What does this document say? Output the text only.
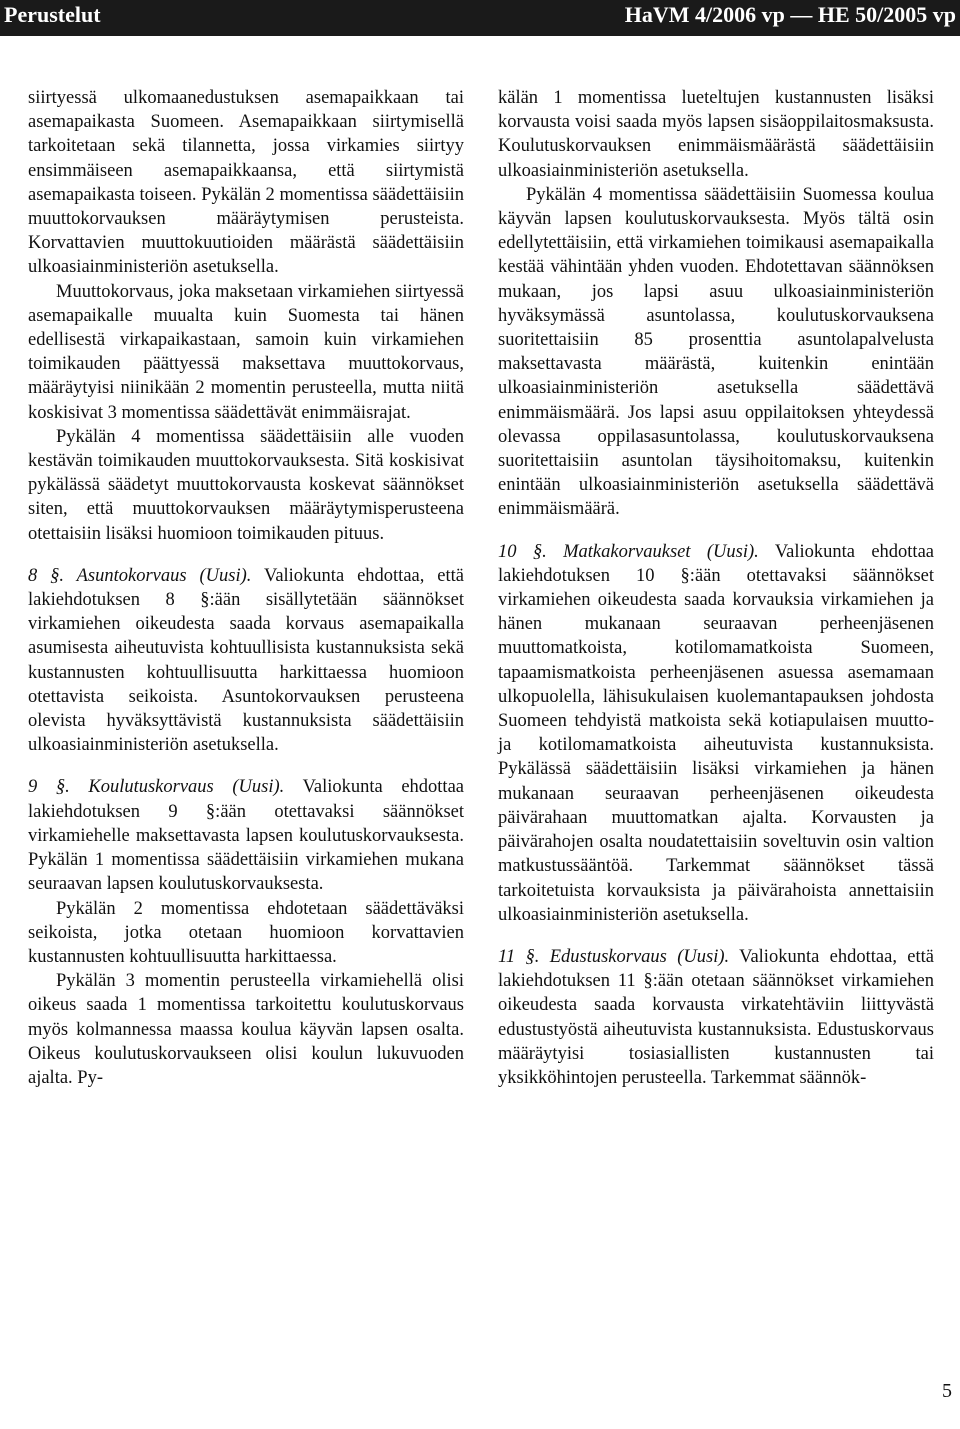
Perustelut	HaVM 4/2006 vp — HE 50/2005 vp

siirtyessä ulkomaanedustuksen asemapaikkaan tai asemapaikasta Suomeen. Asemapaikkaan siirtymisellä tarkoitetaan sekä tilannetta, jossa virkamies siirtyy ensimmäiseen asemapaikkaansa, että siirtymistä asemapaikasta toiseen. Pykälän 2 momentissa säädettäisiin muuttokorvauksen määräytymisen perusteista. Korvattavien muuttokuutioiden määrästä säädettäisiin ulkoasiainministeriön asetuksella.

Muuttokorvaus, joka maksetaan virkamiehen siirtyessä asemapaikalle muualta kuin Suomesta tai hänen edellisestä virkapaikastaan, samoin kuin virkamiehen toimikauden päättyessä maksettava muuttokorvaus, määräytyisi niinikään 2 momentin perusteella, mutta niitä koskisivat 3 momentissa säädettävät enimmäisrajat.

Pykälän 4 momentissa säädettäisiin alle vuoden kestävän toimikauden muuttokorvauksesta. Sitä koskisivat pykälässä säädetyt muuttokorvausta koskevat säännökset siten, että muuttokorvauksen määräytymisperusteena otettaisiin lisäksi huomioon toimikauden pituus.

8 §. Asuntokorvaus (Uusi). Valiokunta ehdottaa, että lakiehdotuksen 8 §:ään sisällytetään säännökset virkamiehen oikeudesta saada korvaus asemapaikalla asumisesta aiheutuvista kohtuullisista kustannuksista sekä kustannusten kohtuullisuutta harkittaessa huomioon otettavista seikoista. Asuntokorvauksen perusteena olevista hyväksyttävistä kustannuksista säädettäisiin ulkoasiainministeriön asetuksella.

9 §. Koulutuskorvaus (Uusi). Valiokunta ehdottaa lakiehdotuksen 9 §:ään otettavaksi säännökset virkamiehelle maksettavasta lapsen koulutuskorvauksesta. Pykälän 1 momentissa säädettäisiin virkamiehen mukana seuraavan lapsen koulutuskorvauksesta.

Pykälän 2 momentissa ehdotetaan säädettäväksi seikoista, jotka otetaan huomioon korvattavien kustannusten kohtuullisuutta harkittaessa.

Pykälän 3 momentin perusteella virkamiehellä olisi oikeus saada 1 momentissa tarkoitettu koulutuskorvaus myös kolmannessa maassa koulua käyvän lapsen osalta. Oikeus koulutuskorvaukseen olisi koulun lukuvuoden ajalta. Py-

kälän 1 momentissa lueteltujen kustannusten lisäksi korvausta voisi saada myös lapsen sisäoppilaitosmaksusta. Koulutuskorvauksen enimmäismäärästä säädettäisiin ulkoasiainministeriön asetuksella.

Pykälän 4 momentissa säädettäisiin Suomessa koulua käyvän lapsen koulutuskorvauksesta. Myös tältä osin edellytettäisiin, että virkamiehen toimikausi asemapaikalla kestää vähintään yhden vuoden. Ehdotettavan säännöksen mukaan, jos lapsi asuu ulkoasiainministeriön hyväksymässä asuntolassa, koulutuskorvauksena suoritettaisiin 85 prosenttia asuntolapalvelusta maksettavasta määrästä, kuitenkin enintään ulkoasiainministeriön asetuksella säädettävä enimmäismäärä. Jos lapsi asuu oppilaitoksen yhteydessä olevassa oppilasasuntolassa, koulutuskorvauksena suoritettaisiin asuntolan täysihoitomaksu, kuitenkin enintään ulkoasiainministeriön asetuksella säädettävä enimmäismäärä.

10 §. Matkakorvaukset (Uusi). Valiokunta ehdottaa lakiehdotuksen 10 §:ään otettavaksi säännökset virkamiehen oikeudesta saada korvauksia virkamiehen ja hänen mukanaan seuraavan perheenjäsenen muuttomatkoista, kotilomamatkoista Suomeen, tapaamismatkoista perheenjäsenen asuessa asemamaan ulkopuolella, lähisukulaisen kuolemantapauksen johdosta Suomeen tehdyistä matkoista sekä kotiapulaisen muutto- ja kotilomamatkoista aiheutuvista kustannuksista. Pykälässä säädettäisiin lisäksi virkamiehen ja hänen mukanaan seuraavan perheenjäsenen oikeudesta päivärahaan muuttomatkan ajalta. Korvausten ja päivärahojen osalta noudatettaisiin soveltuvin osin valtion matkustussääntöä. Tarkemmat säännökset tässä tarkoitetuista korvauksista ja päivärahoista annettaisiin ulkoasiainministeriön asetuksella.

11 §. Edustuskorvaus (Uusi). Valiokunta ehdottaa, että lakiehdotuksen 11 §:ään otetaan säännökset virkamiehen oikeudesta saada korvausta virkatehtäviin liittyvästä edustustyöstä aiheutuvista kustannuksista. Edustuskorvaus määräytyisi tosiasiallisten kustannusten tai yksikköhintojen perusteella. Tarkemmat säännök-

5
